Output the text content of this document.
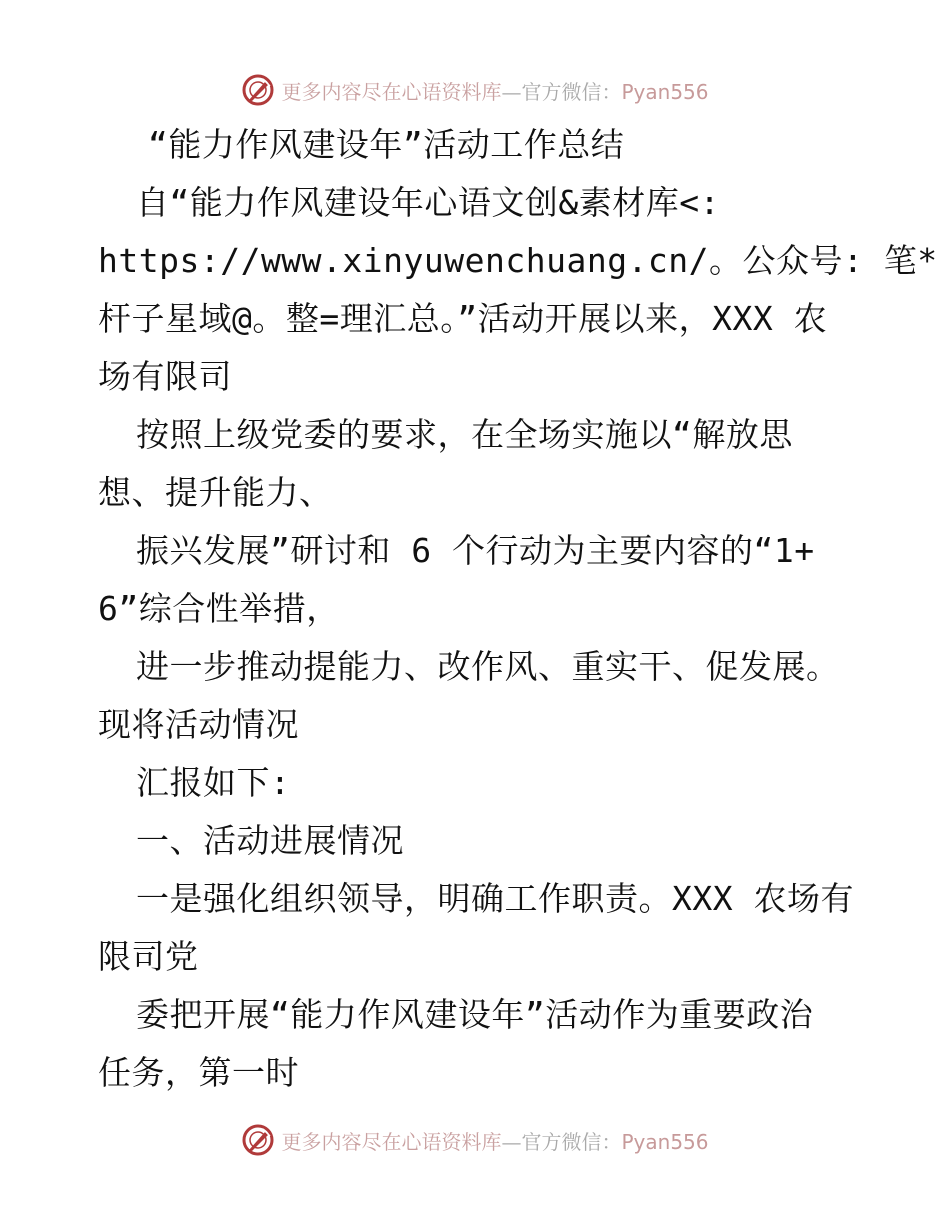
更多内容尽在心语资料库—官方微信：Pyan556
“能力作风建设年”活动工作总结
自“能力作风建设年心语文创&素材库<:
https://www.xinyuwenchuang.cn/。公众号: 笔*
杆子星域@。整=理汇总。”活动开展以来，XXX 农
场有限司
按照上级党委的要求，在全场实施以“解放思
想、提升能力、
振兴发展”研讨和 6 个行动为主要内容的“1+
6”综合性举措，
进一步推动提能力、改作风、重实干、促发展。
现将活动情况
汇报如下:
一、活动进展情况
一是强化组织领导，明确工作职责。XXX 农场有
限司党
委把开展“能力作风建设年”活动作为重要政治
任务，第一时
更多内容尽在心语资料库—官方微信：Pyan556
